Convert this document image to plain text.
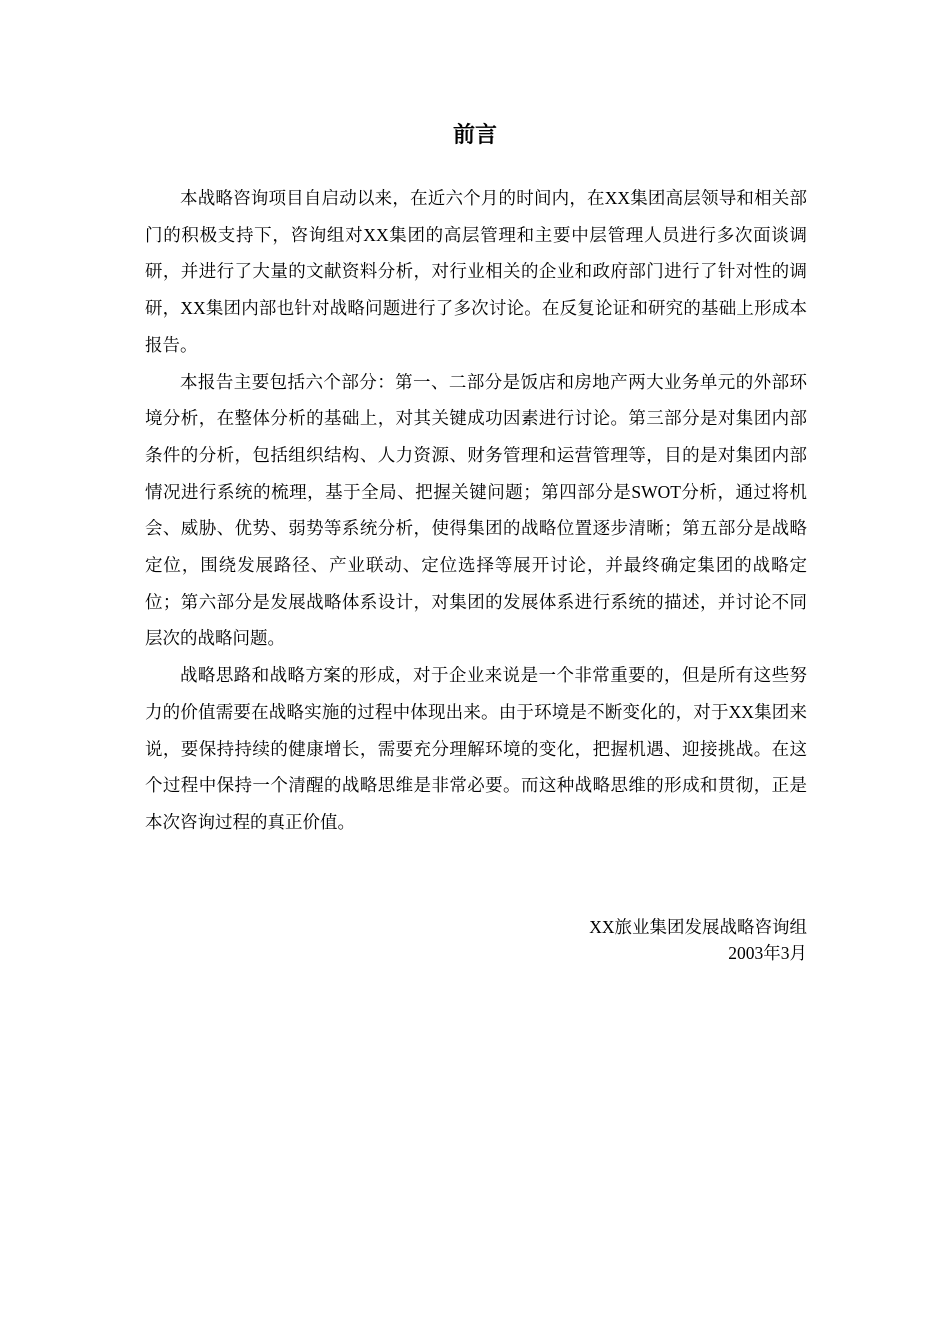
前言

本战略咨询项目自启动以来，在近六个月的时间内，在XX集团高层领导和相关部门的积极支持下，咨询组对XX集团的高层管理和主要中层管理人员进行多次面谈调研，并进行了大量的文献资料分析，对行业相关的企业和政府部门进行了针对性的调研，XX集团内部也针对战略问题进行了多次讨论。在反复论证和研究的基础上形成本报告。

本报告主要包括六个部分：第一、二部分是饭店和房地产两大业务单元的外部环境分析，在整体分析的基础上，对其关键成功因素进行讨论。第三部分是对集团内部条件的分析，包括组织结构、人力资源、财务管理和运营管理等，目的是对集团内部情况进行系统的梳理，基于全局、把握关键问题；第四部分是SWOT分析，通过将机会、威胁、优势、弱势等系统分析，使得集团的战略位置逐步清晰；第五部分是战略定位，围绕发展路径、产业联动、定位选择等展开讨论，并最终确定集团的战略定位；第六部分是发展战略体系设计，对集团的发展体系进行系统的描述，并讨论不同层次的战略问题。

战略思路和战略方案的形成，对于企业来说是一个非常重要的，但是所有这些努力的价值需要在战略实施的过程中体现出来。由于环境是不断变化的，对于XX集团来说，要保持持续的健康增长，需要充分理解环境的变化，把握机遇、迎接挑战。在这个过程中保持一个清醒的战略思维是非常必要。而这种战略思维的形成和贯彻，正是本次咨询过程的真正价值。

XX旅业集团发展战略咨询组
2003年3月
